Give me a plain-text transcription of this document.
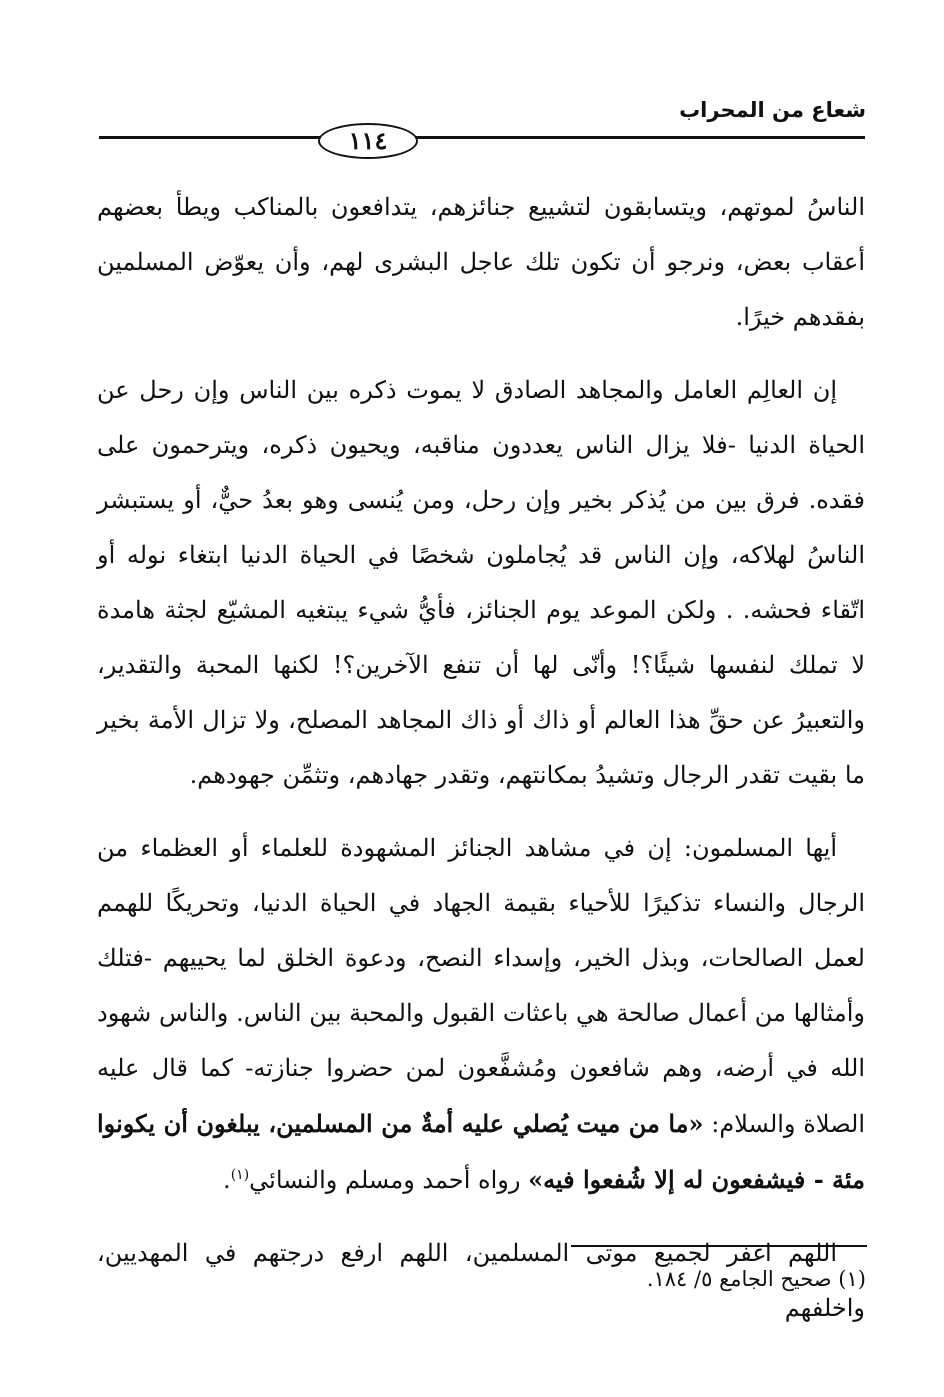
شعاع من المحراب
١١٤

الناسُ لموتهم، ويتسابقون لتشييع جنائزهم، يتدافعون بالمناكب ويطأ بعضهم أعقاب بعض، ونرجو أن تكون تلك عاجل البشرى لهم، وأن يعوّض المسلمين بفقدهم خيرًا.

إن العالِم العامل والمجاهد الصادق لا يموت ذكره بين الناس وإن رحل عن الحياة الدنيا -فلا يزال الناس يعددون مناقبه، ويحيون ذكره، ويترحمون على فقده. فرق بين من يُذكر بخير وإن رحل، ومن يُنسى وهو بعدُ حيٌّ، أو يستبشر الناسُ لهلاكه، وإن الناس قد يُجاملون شخصًا في الحياة الدنيا ابتغاء نوله أو اتّقاء فحشه. . ولكن الموعد يوم الجنائز، فأيُّ شيء يبتغيه المشيّع لجثة هامدة لا تملك لنفسها شيئًا؟! وأنّى لها أن تنفع الآخرين؟! لكنها المحبة والتقدير، والتعبيرُ عن حقِّ هذا العالم أو ذاك أو ذاك المجاهد المصلح، ولا تزال الأمة بخير ما بقيت تقدر الرجال وتشيدُ بمكانتهم، وتقدر جهادهم، وتثمِّن جهودهم.

أيها المسلمون: إن في مشاهد الجنائز المشهودة للعلماء أو العظماء من الرجال والنساء تذكيرًا للأحياء بقيمة الجهاد في الحياة الدنيا، وتحريكًا للهمم لعمل الصالحات، وبذل الخير، وإسداء النصح، ودعوة الخلق لما يحييهم -فتلك وأمثالها من أعمال صالحة هي باعثات القبول والمحبة بين الناس. والناس شهود الله في أرضه، وهم شافعون ومُشفَّعون لمن حضروا جنازته- كما قال عليه الصلاة والسلام: «ما من ميت يُصلي عليه أمةٌ من المسلمين، يبلغون أن يكونوا مئة - فيشفعون له إلا شُفعوا فيه» رواه أحمد ومسلم والنسائي$^{(١)}$.

اللهم اغفر لجميع موتى المسلمين، اللهم ارفع درجتهم في المهديين، واخلفهم

(١) صحيح الجامع ٥/ ١٨٤.
